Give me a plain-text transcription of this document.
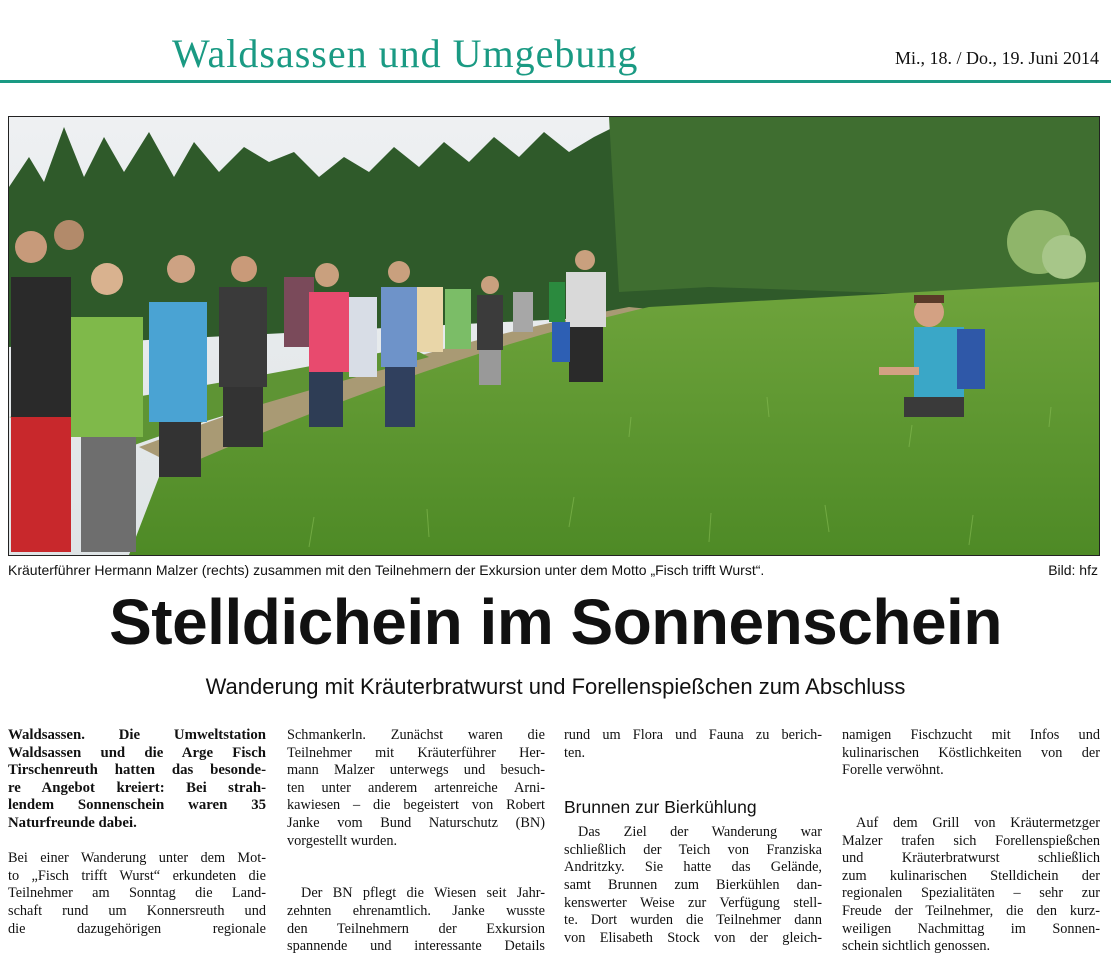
Waldsassen und Umgebung	Mi., 18. / Do., 19. Juni 2014
Kräuterführer Hermann Malzer (rechts) zusammen mit den Teilnehmern der Exkursion unter dem Motto „Fisch trifft Wurst“.	Bild: hfz
Stelldichein im Sonnenschein
Wanderung mit Kräuterbratwurst und Forellenspießchen zum Abschluss
Waldsassen. Die Umweltstation
Waldsassen und die Arge Fisch
Tirschenreuth hatten das besonde-
re Angebot kreiert: Bei strah-
lendem Sonnenschein waren 35
Naturfreunde dabei.
Bei einer Wanderung unter dem Mot-
to „Fisch trifft Wurst“ erkundeten die
Teilnehmer am Sonntag die Land-
schaft rund um Konnersreuth und
die dazugehörigen regionale
Schmankerln. Zunächst waren die
Teilnehmer mit Kräuterführer Her-
mann Malzer unterwegs und besuch-
ten unter anderem artenreiche Arni-
kawiesen – die begeistert von Robert
Janke vom Bund Naturschutz (BN)
vorgestellt wurden.
Der BN pflegt die Wiesen seit Jahr-
zehnten ehrenamtlich. Janke wusste
den Teilnehmern der Exkursion
spannende und interessante Details
rund um Flora und Fauna zu berich-
ten.
Brunnen zur Bierkühlung
Das Ziel der Wanderung war
schließlich der Teich von Franziska
Andritzky. Sie hatte das Gelände,
samt Brunnen zum Bierkühlen dan-
kenswerter Weise zur Verfügung stell-
te. Dort wurden die Teilnehmer dann
von Elisabeth Stock von der gleich-
namigen Fischzucht mit Infos und
kulinarischen Köstlichkeiten von der
Forelle verwöhnt.
Auf dem Grill von Kräutermetzger
Malzer trafen sich Forellenspießchen
und Kräuterbratwurst schließlich
zum kulinarischen Stelldichein der
regionalen Spezialitäten – sehr zur
Freude der Teilnehmer, die den kurz-
weiligen Nachmittag im Sonnen-
schein sichtlich genossen.
